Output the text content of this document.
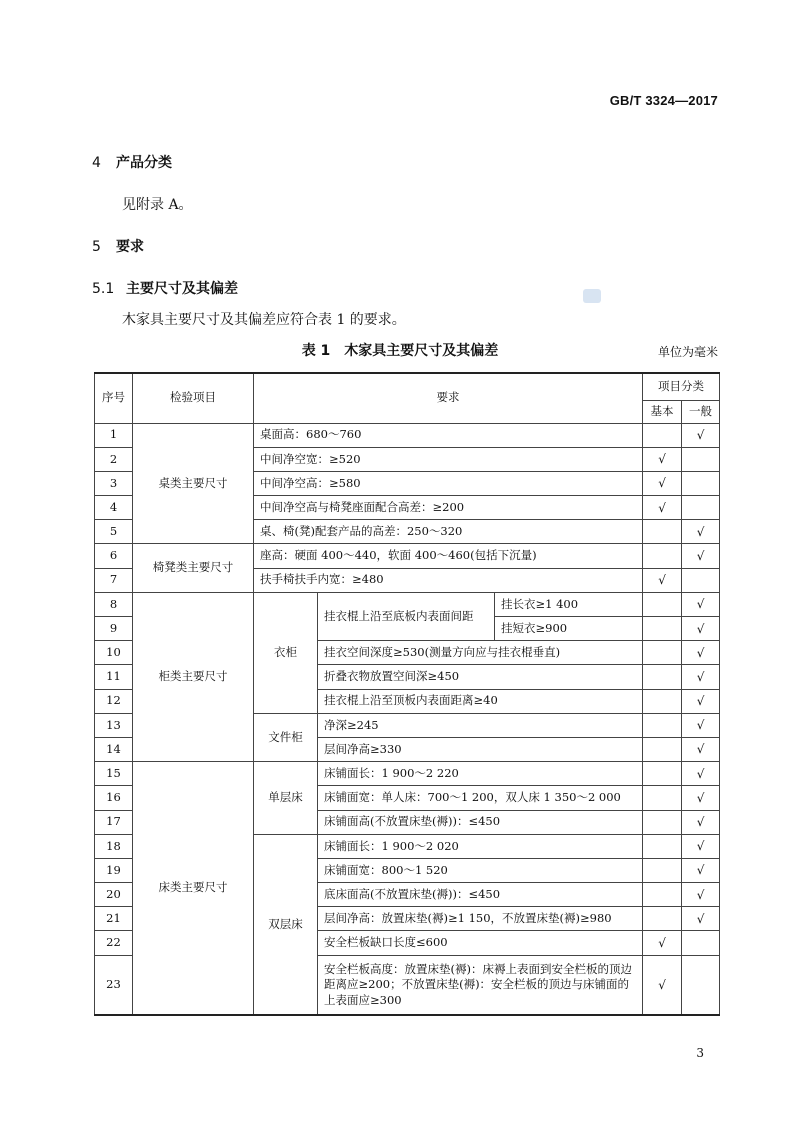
GB/T 3324—2017
4 产品分类
见附录 A。
5 要求
5.1 主要尺寸及其偏差
木家具主要尺寸及其偏差应符合表 1 的要求。
表 1　木家具主要尺寸及其偏差	单位为毫米
序号	检验项目	要求			项目分类	
					基本	一般
1	桌类主要尺寸	桌面高：680～760				√
2		中间净空宽：≥520			√	
3		中间净空高：≥580			√	
4		中间净空高与椅凳座面配合高差：≥200			√	
5		桌、椅(凳)配套产品的高差：250～320				√
6	椅凳类主要尺寸	座高：硬面 400～440，软面 400～460(包括下沉量)				√
7		扶手椅扶手内宽：≥480			√	
8	柜类主要尺寸	衣柜	挂衣棍上沿至底板内表面间距	挂长衣≥1 400		√
9				挂短衣≥900		√
10			挂衣空间深度≥530(测量方向应与挂衣棍垂直)			√
11			折叠衣物放置空间深≥450			√
12			挂衣棍上沿至顶板内表面距离≥40			√
13		文件柜	净深≥245			√
14			层间净高≥330			√
15	床类主要尺寸	单层床	床铺面长：1 900～2 220			√
16			床铺面宽：单人床：700～1 200，双人床 1 350～2 000			√
17			床铺面高(不放置床垫(褥))：≤450			√
18		双层床	床铺面长：1 900～2 020			√
19			床铺面宽：800～1 520			√
20			底床面高(不放置床垫(褥))：≤450			√
21			层间净高：放置床垫(褥)≥1 150，不放置床垫(褥)≥980			√
22			安全栏板缺口长度≤600		√	
23			安全栏板高度：放置床垫(褥)：床褥上表面到安全栏板的顶边距离应≥200；不放置床垫(褥)：安全栏板的顶边与床铺面的上表面应≥300		√	
3
